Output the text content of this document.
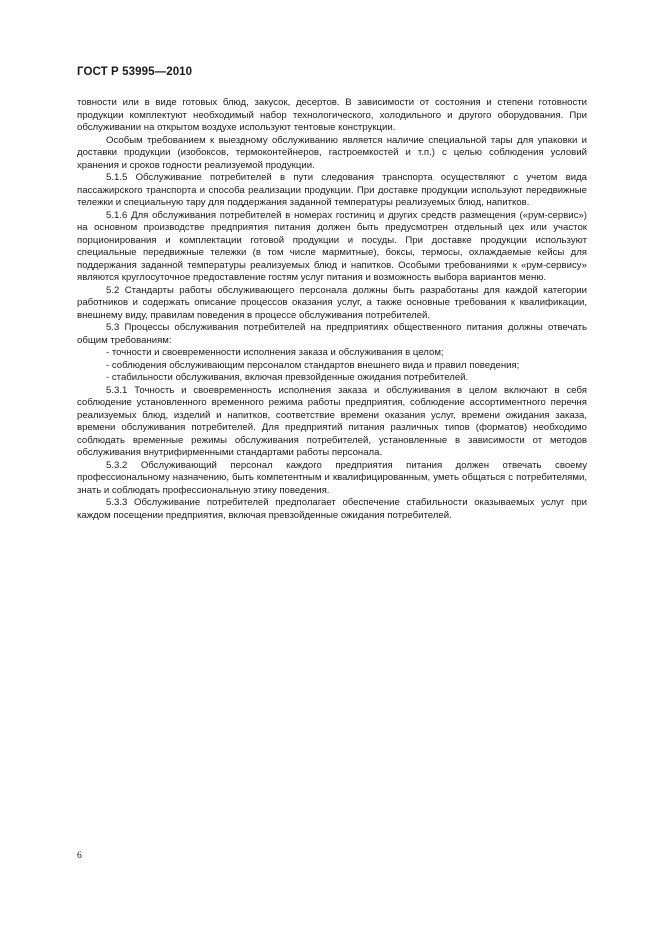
ГОСТ Р 53995—2010

товности или в виде готовых блюд, закусок, десертов. В зависимости от состояния и степени готовности продукции комплектуют необходимый набор технологического, холодильного и другого оборудования. При обслуживании на открытом воздухе используют тентовые конструкции.

Особым требованием к выездному обслуживанию является наличие специальной тары для упаковки и доставки продукции (изобоксов, термоконтейнеров, гастроемкостей и т.п.) с целью соблюдения условий хранения и сроков годности реализуемой продукции.

5.1.5 Обслуживание потребителей в пути следования транспорта осуществляют с учетом вида пассажирского транспорта и способа реализации продукции. При доставке продукции используют передвижные тележки и специальную тару для поддержания заданной температуры реализуемых блюд, напитков.

5.1.6 Для обслуживания потребителей в номерах гостиниц и других средств размещения («рум-сервис») на основном производстве предприятия питания должен быть предусмотрен отдельный цех или участок порционирования и комплектации готовой продукции и посуды. При доставке продукции используют специальные передвижные тележки (в том числе мармитные), боксы, термосы, охлаждаемые кейсы для поддержания заданной температуры реализуемых блюд и напитков. Особыми требованиями к «рум-сервису» являются круглосуточное предоставление гостям услуг питания и возможность выбора вариантов меню.

5.2 Стандарты работы обслуживающего персонала должны быть разработаны для каждой категории работников и содержать описание процессов оказания услуг, а также основные требования к квалификации, внешнему виду, правилам поведения в процессе обслуживания потребителей.

5.3 Процессы обслуживания потребителей на предприятиях общественного питания должны отвечать общим требованиям:

- точности и своевременности исполнения заказа и обслуживания в целом;

- соблюдения обслуживающим персоналом стандартов внешнего вида и правил поведения;

- стабильности обслуживания, включая превзойденные ожидания потребителей.

5.3.1 Точность и своевременность исполнения заказа и обслуживания в целом включают в себя соблюдение установленного временного режима работы предприятия, соблюдение ассортиментного перечня реализуемых блюд, изделий и напитков, соответствие времени оказания услуг, времени ожидания заказа, времени обслуживания потребителей. Для предприятий питания различных типов (форматов) необходимо соблюдать временные режимы обслуживания потребителей, установленные в зависимости от методов обслуживания внутрифирменными стандартами работы персонала.

5.3.2 Обслуживающий персонал каждого предприятия питания должен отвечать своему профессиональному назначению, быть компетентным и квалифицированным, уметь общаться с потребителями, знать и соблюдать профессиональную этику поведения.

5.3.3 Обслуживание потребителей предполагает обеспечение стабильности оказываемых услуг при каждом посещении предприятия, включая превзойденные ожидания потребителей.

6
